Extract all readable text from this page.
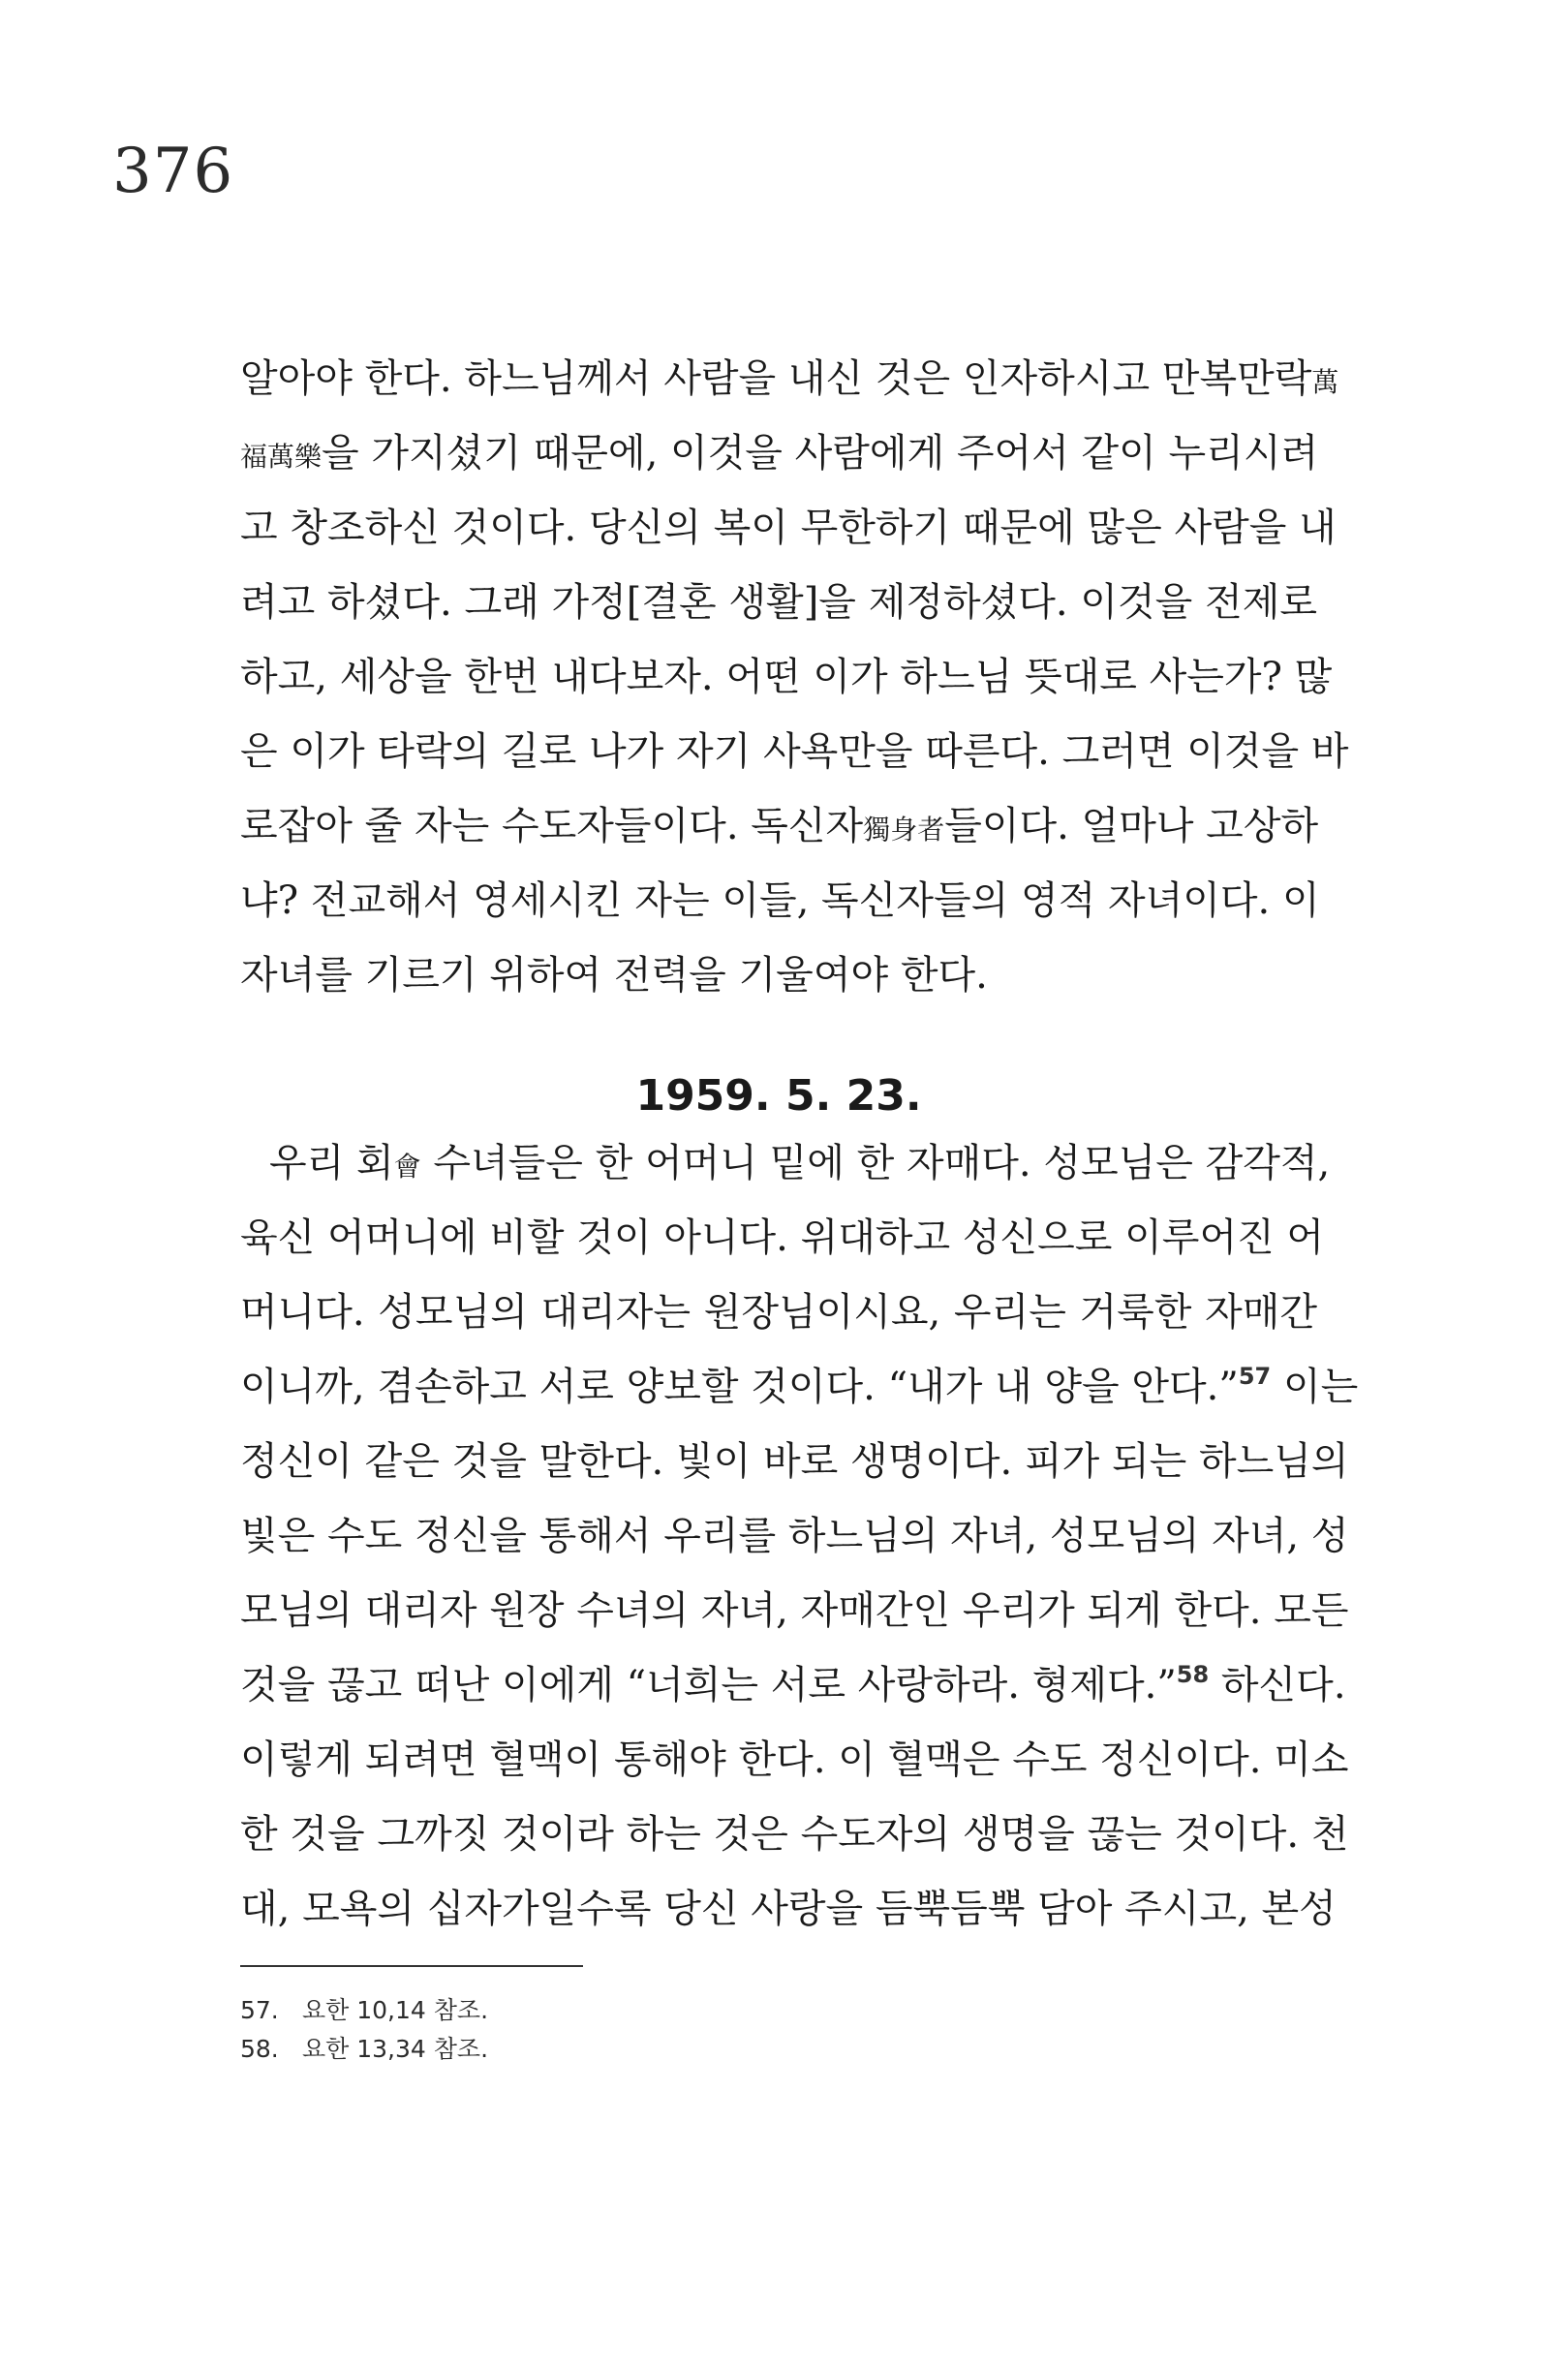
376
알아야 한다. 하느님께서 사람을 내신 것은 인자하시고 만복만락萬
福萬樂을 가지셨기 때문에, 이것을 사람에게 주어서 같이 누리시려
고 창조하신 것이다. 당신의 복이 무한하기 때문에 많은 사람을 내
려고 하셨다. 그래 가정[결혼 생활]을 제정하셨다. 이것을 전제로
하고, 세상을 한번 내다보자. 어떤 이가 하느님 뜻대로 사는가? 많
은 이가 타락의 길로 나가 자기 사욕만을 따른다. 그러면 이것을 바
로잡아 줄 자는 수도자들이다. 독신자獨身者들이다. 얼마나 고상하
냐? 전교해서 영세시킨 자는 이들, 독신자들의 영적 자녀이다. 이
자녀를 기르기 위하여 전력을 기울여야 한다.
1959. 5. 23.
우리 회會 수녀들은 한 어머니 밑에 한 자매다. 성모님은 감각적,
육신 어머니에 비할 것이 아니다. 위대하고 성신으로 이루어진 어
머니다. 성모님의 대리자는 원장님이시요, 우리는 거룩한 자매간
이니까, 겸손하고 서로 양보할 것이다. “내가 내 양을 안다.”$^{57}$ 이는
정신이 같은 것을 말한다. 빛이 바로 생명이다. 피가 되는 하느님의
빛은 수도 정신을 통해서 우리를 하느님의 자녀, 성모님의 자녀, 성
모님의 대리자 원장 수녀의 자녀, 자매간인 우리가 되게 한다. 모든
것을 끊고 떠난 이에게 “너희는 서로 사랑하라. 형제다.”$^{58}$ 하신다.
이렇게 되려면 혈맥이 통해야 한다. 이 혈맥은 수도 정신이다. 미소
한 것을 그까짓 것이라 하는 것은 수도자의 생명을 끊는 것이다. 천
대, 모욕의 십자가일수록 당신 사랑을 듬뿍듬뿍 담아 주시고, 본성
57. 요한 10,14 참조.
58. 요한 13,34 참조.
